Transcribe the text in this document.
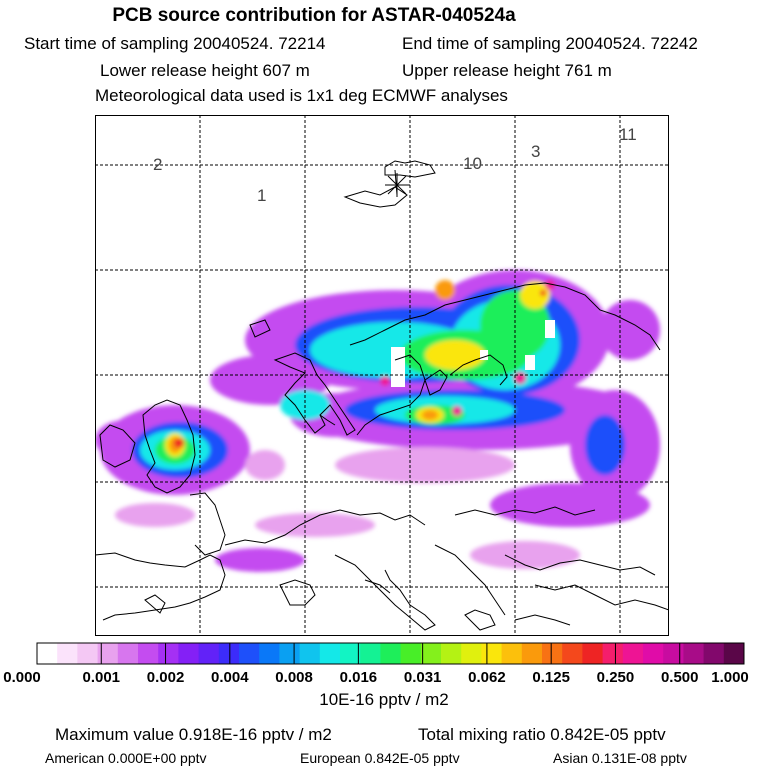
PCB source contribution for ASTAR-040524a
Start time of sampling 20040524. 72214	End time of sampling 20040524. 72242
Lower release height 607 m	Upper release height 761 m
Meteorological data used is 1x1 deg ECMWF analyses
2
1
10
3
11
0.000	0.001 0.002 0.004 0.008 0.016 0.031 0.062 0.125 0.250 0.500 1.000
10E-16 pptv / m2
Maximum value 0.918E-16 pptv / m2	Total mixing ratio 0.842E-05 pptv
American 0.000E+00 pptv	European 0.842E-05 pptv	Asian 0.131E-08 pptv
